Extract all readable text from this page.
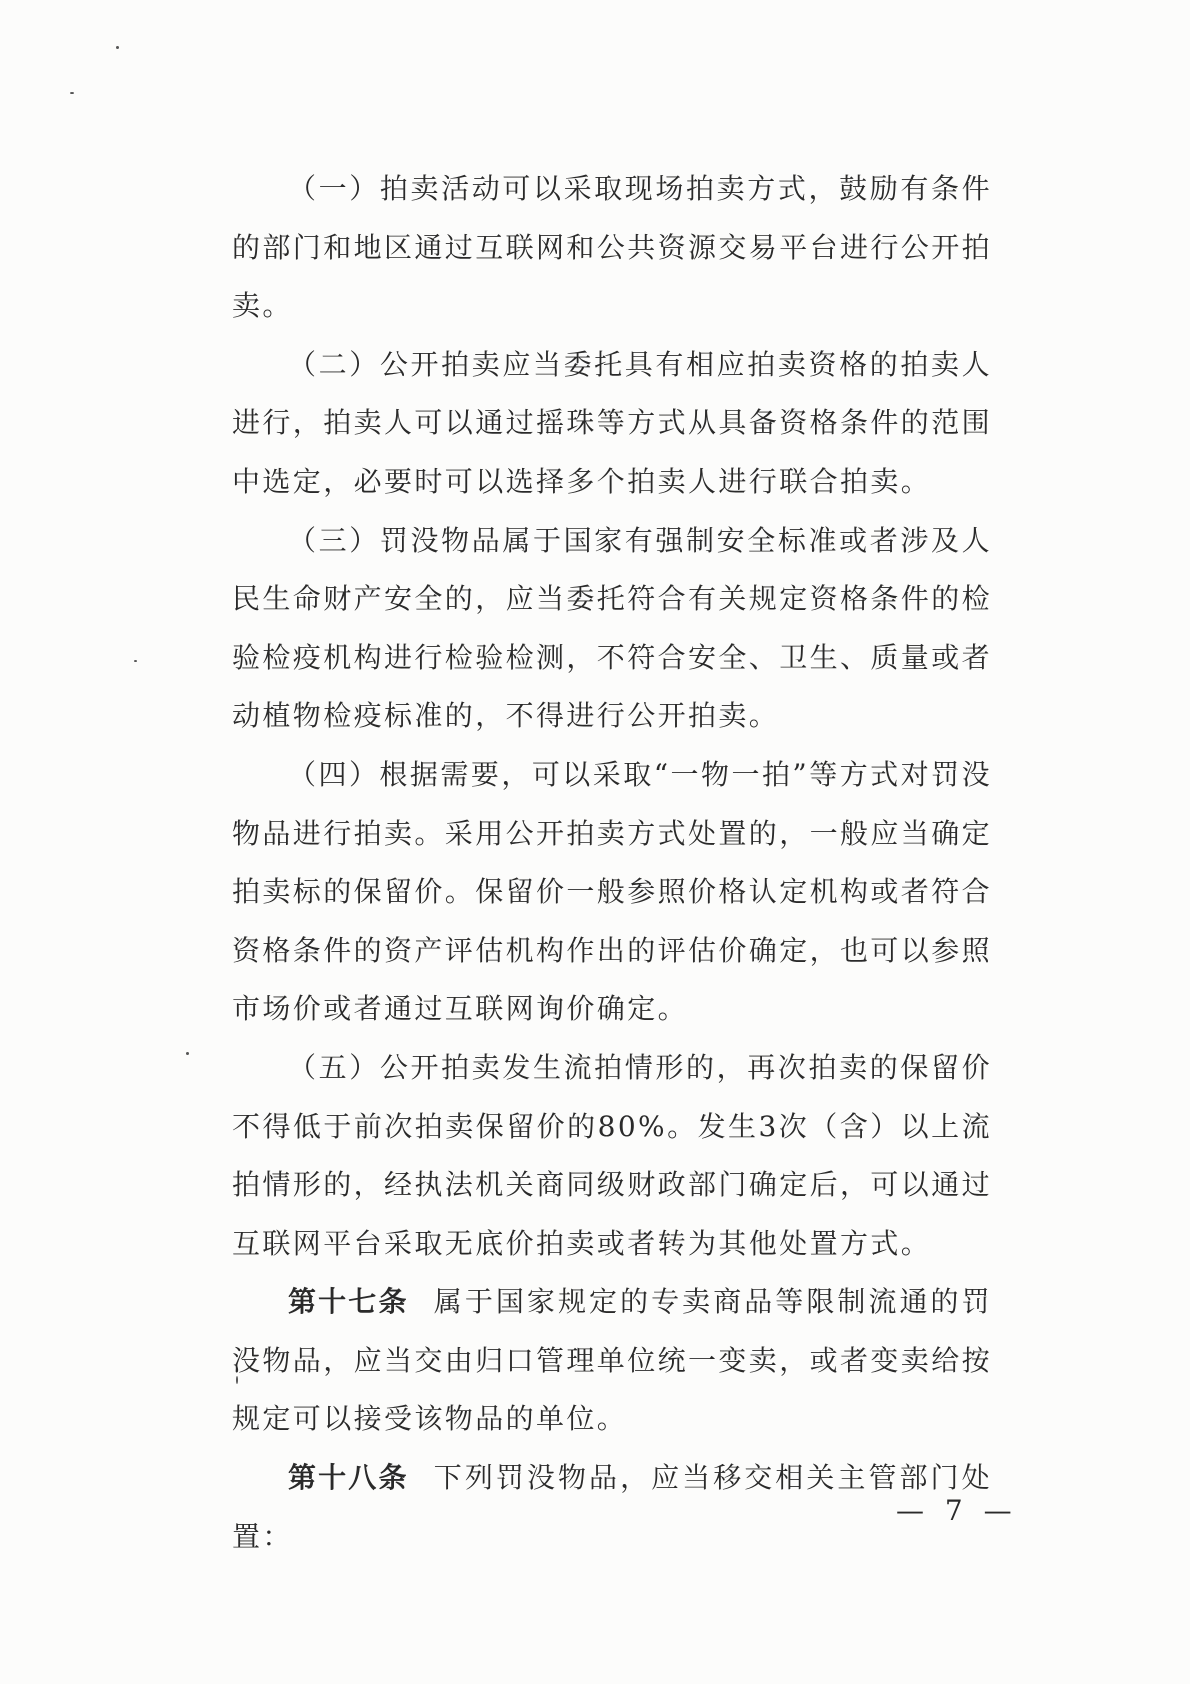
（一）拍卖活动可以采取现场拍卖方式，鼓励有条件的部门和地区通过互联网和公共资源交易平台进行公开拍卖。

（二）公开拍卖应当委托具有相应拍卖资格的拍卖人进行，拍卖人可以通过摇珠等方式从具备资格条件的范围中选定，必要时可以选择多个拍卖人进行联合拍卖。

（三）罚没物品属于国家有强制安全标准或者涉及人民生命财产安全的，应当委托符合有关规定资格条件的检验检疫机构进行检验检测，不符合安全、卫生、质量或者动植物检疫标准的，不得进行公开拍卖。

（四）根据需要，可以采取“一物一拍”等方式对罚没物品进行拍卖。采用公开拍卖方式处置的，一般应当确定拍卖标的保留价。保留价一般参照价格认定机构或者符合资格条件的资产评估机构作出的评估价确定，也可以参照市场价或者通过互联网询价确定。

（五）公开拍卖发生流拍情形的，再次拍卖的保留价不得低于前次拍卖保留价的80%。发生3次（含）以上流拍情形的，经执法机关商同级财政部门确定后，可以通过互联网平台采取无底价拍卖或者转为其他处置方式。

第十七条 属于国家规定的专卖商品等限制流通的罚没物品，应当交由归口管理单位统一变卖，或者变卖给按规定可以接受该物品的单位。

第十八条 下列罚没物品，应当移交相关主管部门处置：

— 7 —
